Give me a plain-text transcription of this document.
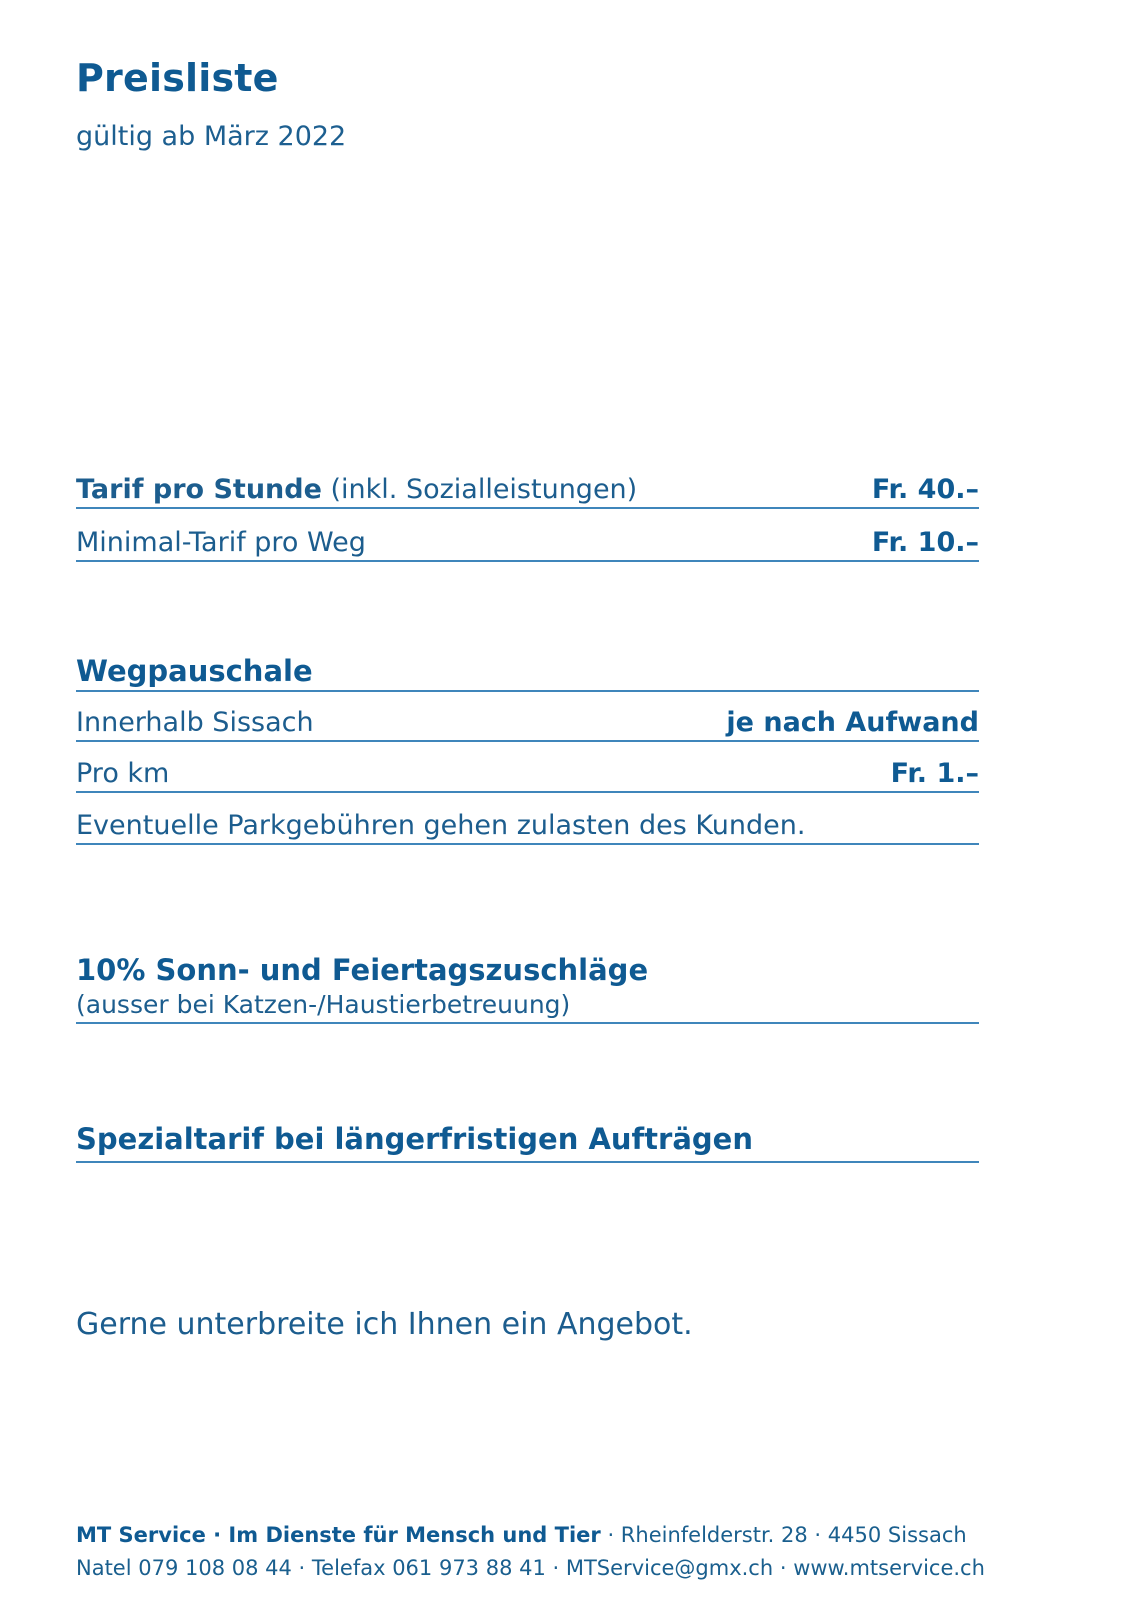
Preisliste
gültig ab März 2022
Tarif pro Stunde (inkl. Sozialleistungen)	Fr. 40.–
Minimal-Tarif pro Weg	Fr. 10.–
Wegpauschale
Innerhalb Sissach	je nach Aufwand
Pro km	Fr. 1.–
Eventuelle Parkgebühren gehen zulasten des Kunden.
10% Sonn- und Feiertagszuschläge
(ausser bei Katzen-/Haustierbetreuung)
Spezialtarif bei längerfristigen Aufträgen
Gerne unterbreite ich Ihnen ein Angebot.
MT Service · Im Dienste für Mensch und Tier · Rheinfelderstr. 28 · 4450 Sissach
Natel 079 108 08 44 · Telefax 061 973 88 41 · MTService@gmx.ch · www.mtservice.ch
